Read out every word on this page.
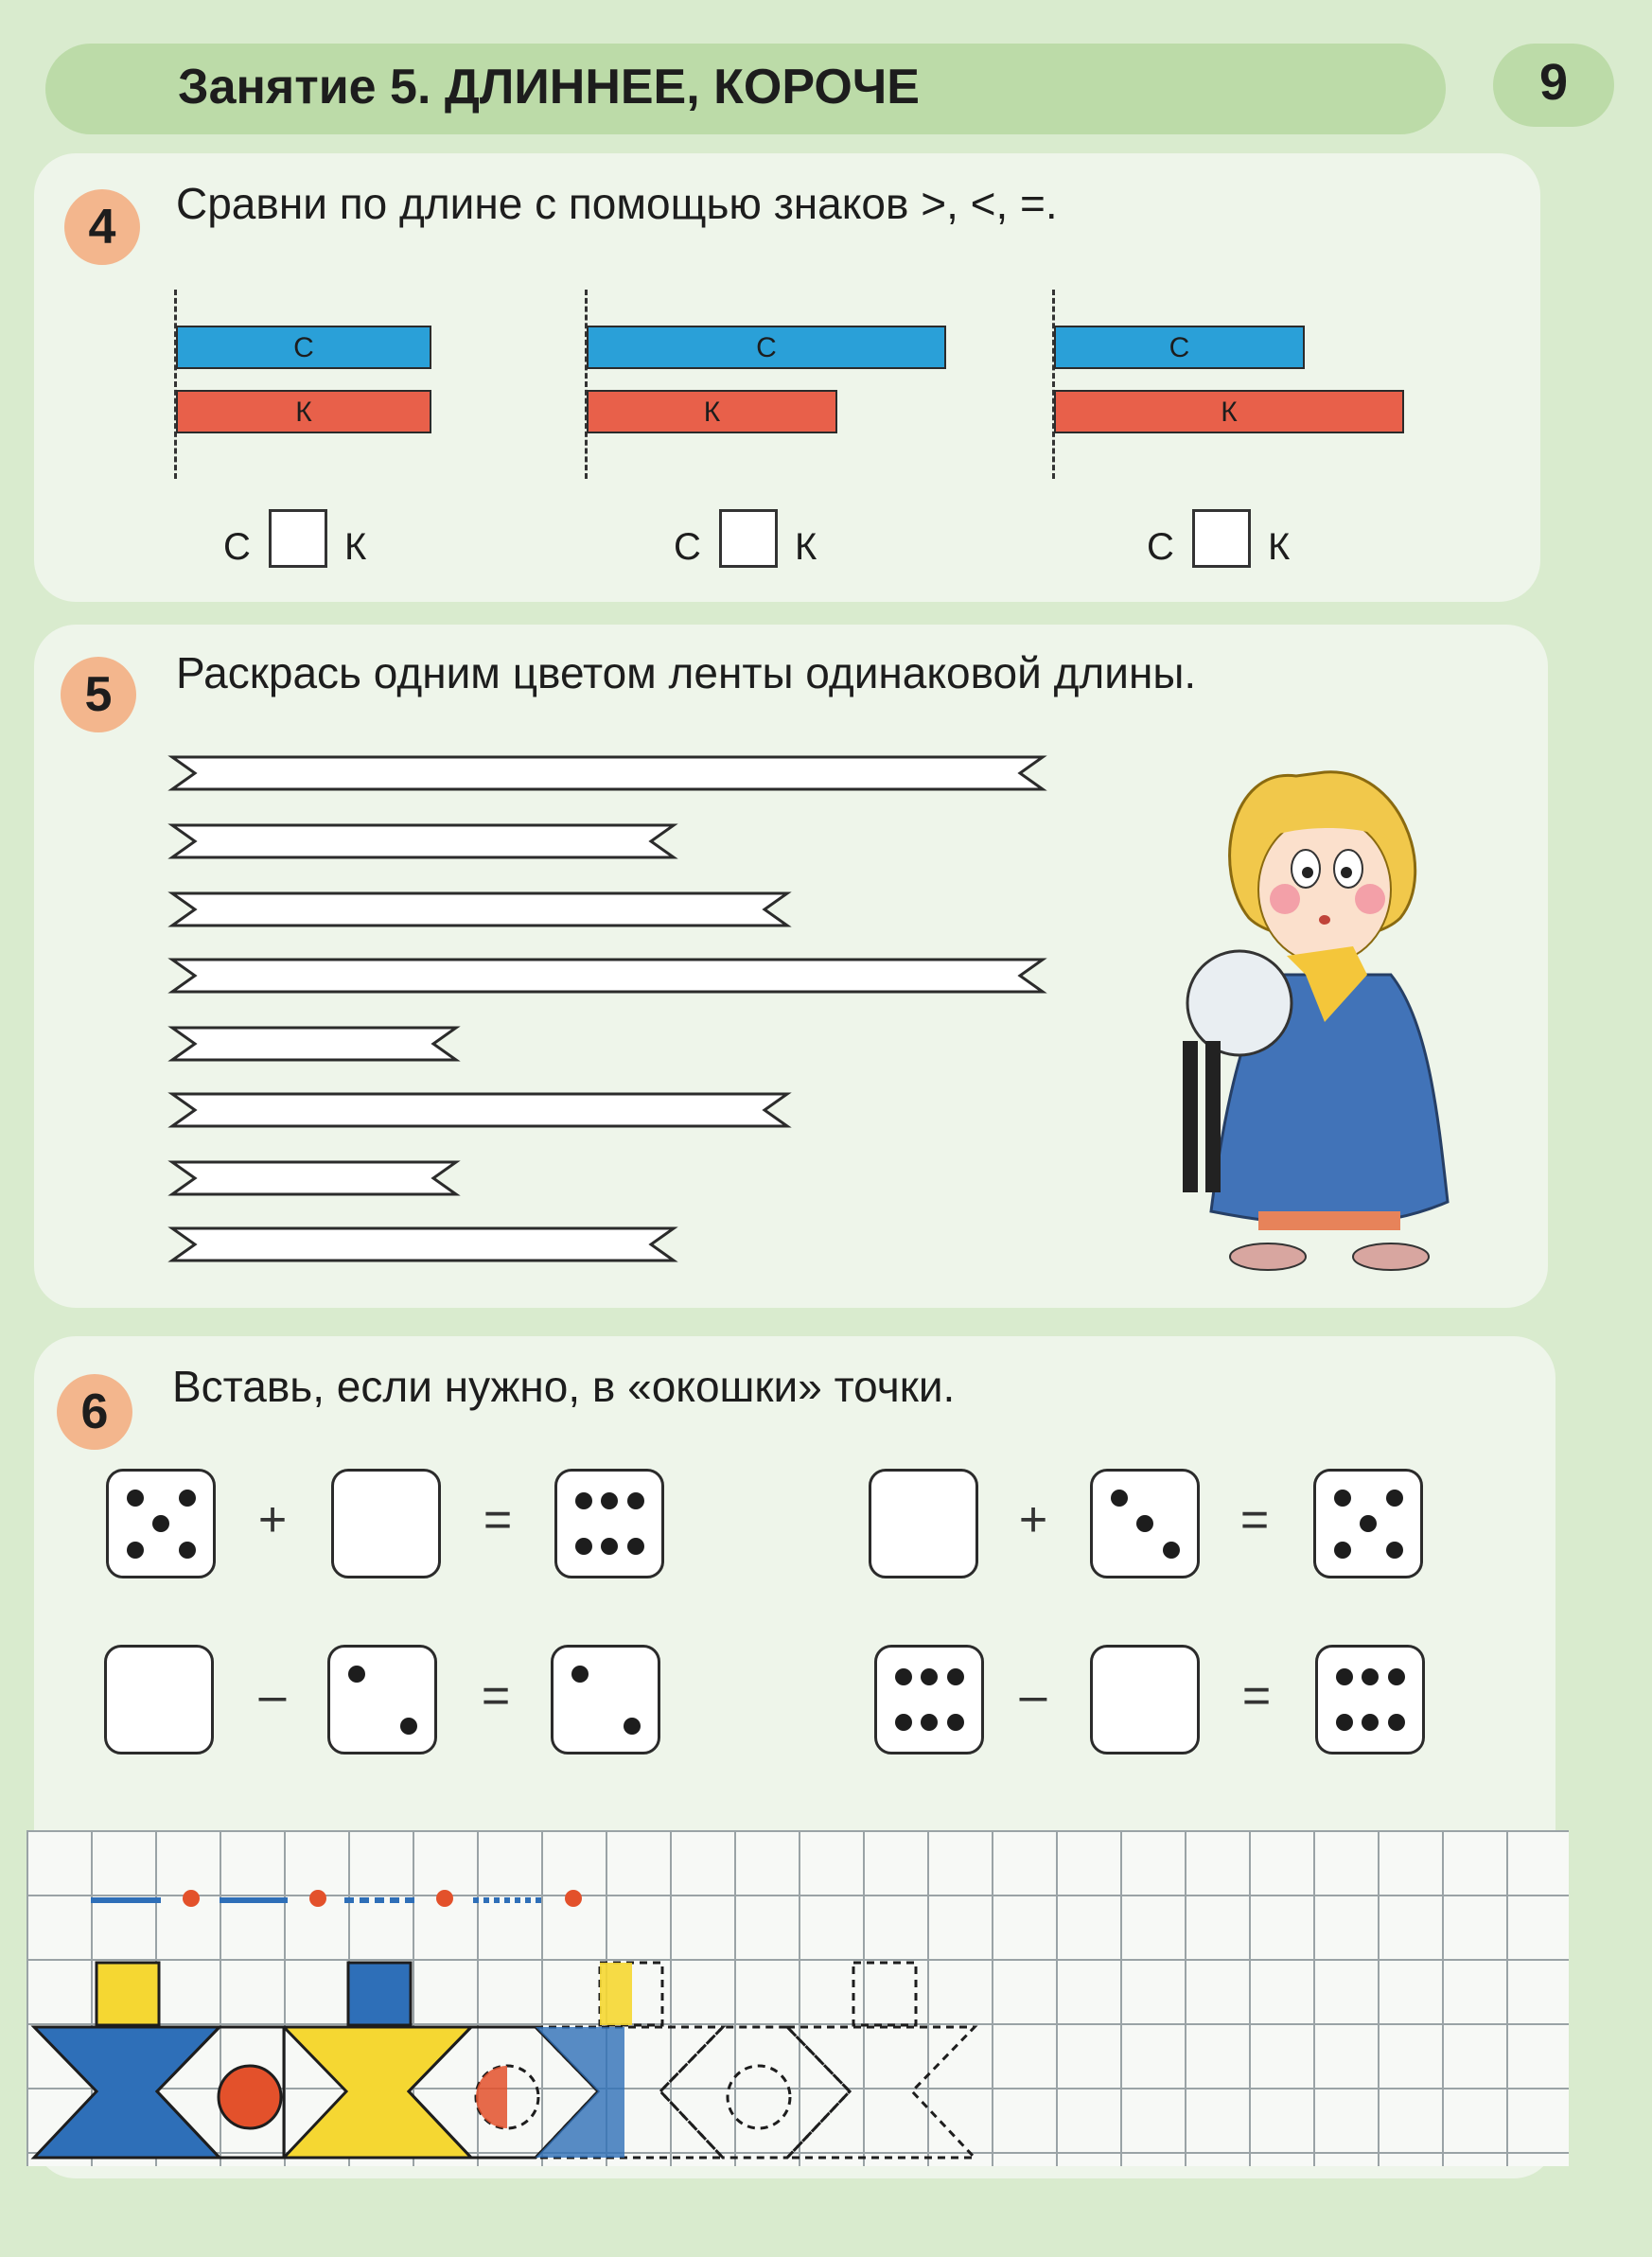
Занятие 5. ДЛИННЕЕ, КОРОЧЕ	9
4	Сравни по длине с помощью знаков >, <, =.
С
К
С К
С
К
С К
С
К
С К
5	Раскрась одним цветом ленты одинаковой длины.
6	Вставь, если нужно, в «окошки» точки.
+	=	+	=
–	=	–	=
